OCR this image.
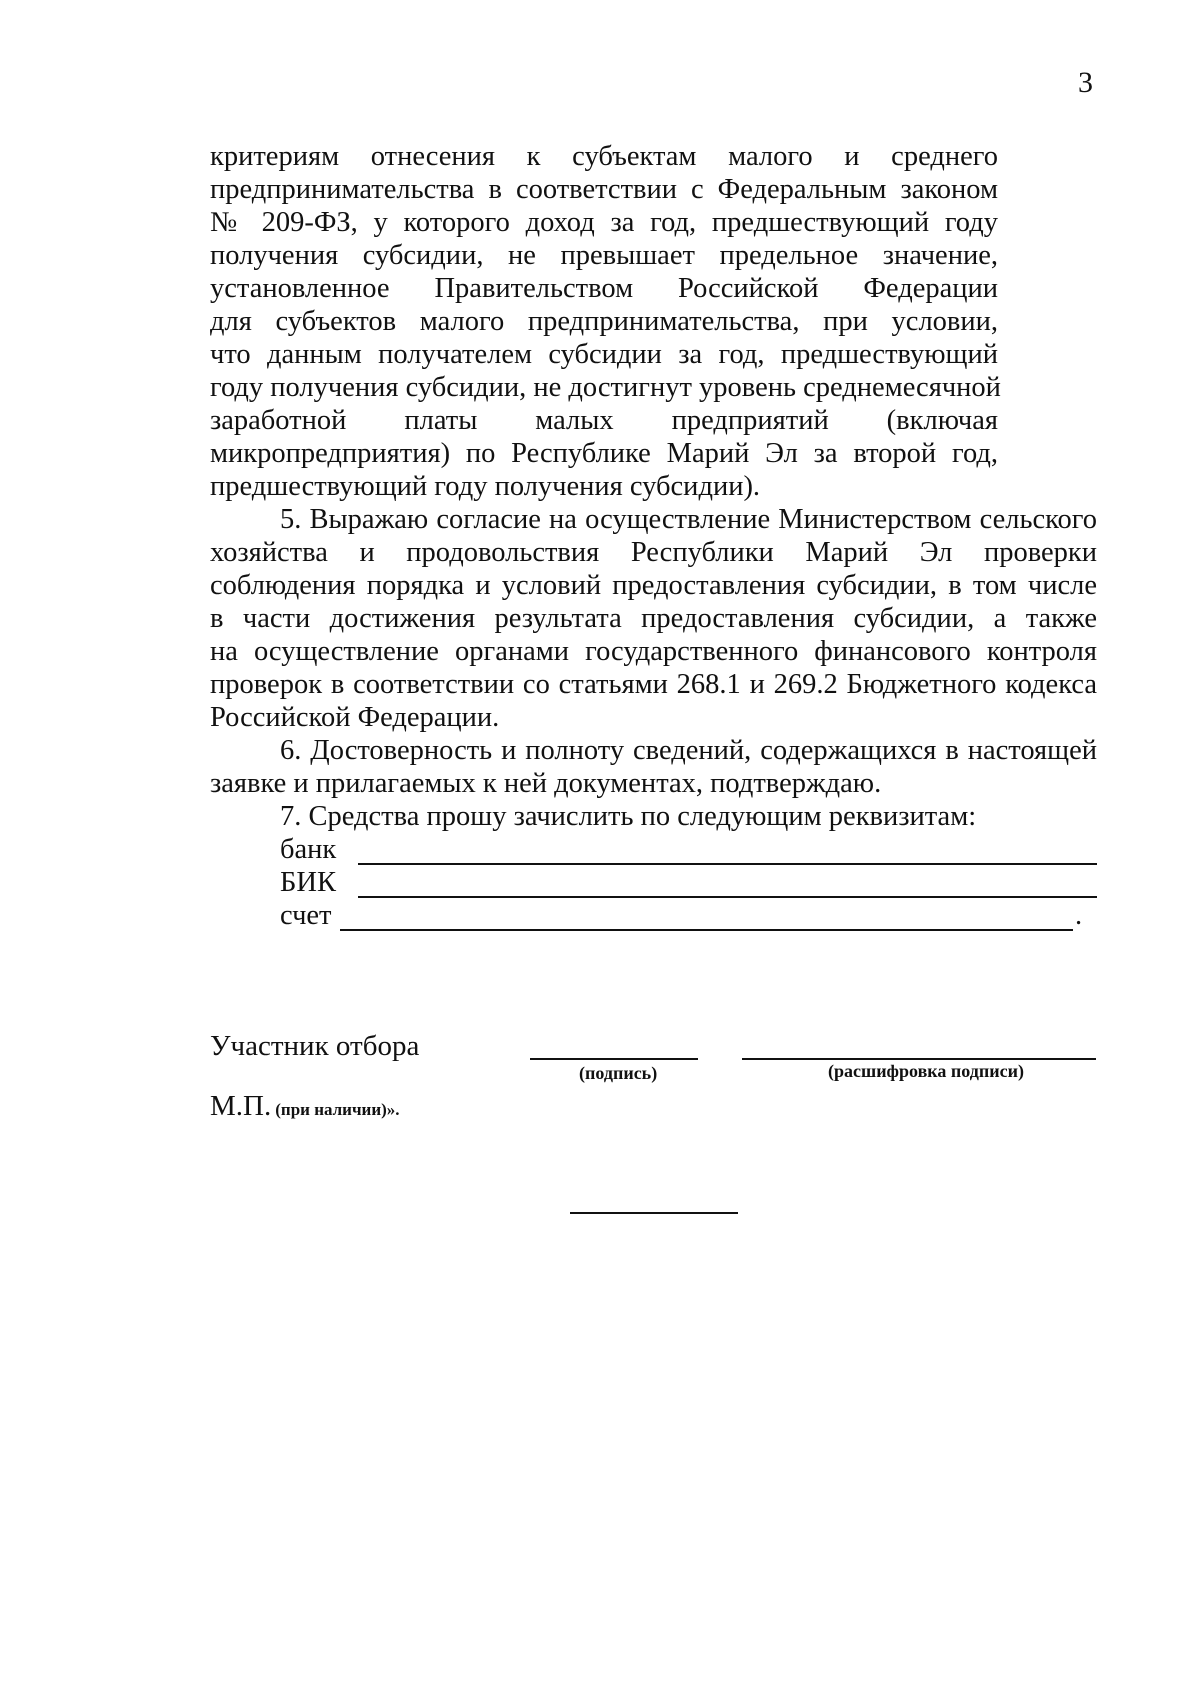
3
критериям отнесения к субъектам малого и среднего
предпринимательства в соответствии с Федеральным законом
№ 209-ФЗ, у которого доход за год, предшествующий году
получения субсидии, не превышает предельное значение,
установленное Правительством Российской Федерации
для субъектов малого предпринимательства, при условии,
что данным получателем субсидии за год, предшествующий
году получения субсидии, не достигнут уровень среднемесячной
заработной платы малых предприятий (включая
микропредприятия) по Республике Марий Эл за второй год,
предшествующий году получения субсидии).
5. Выражаю согласие на осуществление Министерством сельского
хозяйства и продовольствия Республики Марий Эл проверки
соблюдения порядка и условий предоставления субсидии, в том числе
в части достижения результата предоставления субсидии, а также
на осуществление органами государственного финансового контроля
проверок в соответствии со статьями 268.1 и 269.2 Бюджетного кодекса
Российской Федерации.
6. Достоверность и полноту сведений, содержащихся в настоящей
заявке и прилагаемых к ней документах, подтверждаю.
7. Средства прошу зачислить по следующим реквизитам:
банк
БИК
счет	.
Участник отбора
(подпись)	(расшифровка подписи)
М.П. (при наличии)».
